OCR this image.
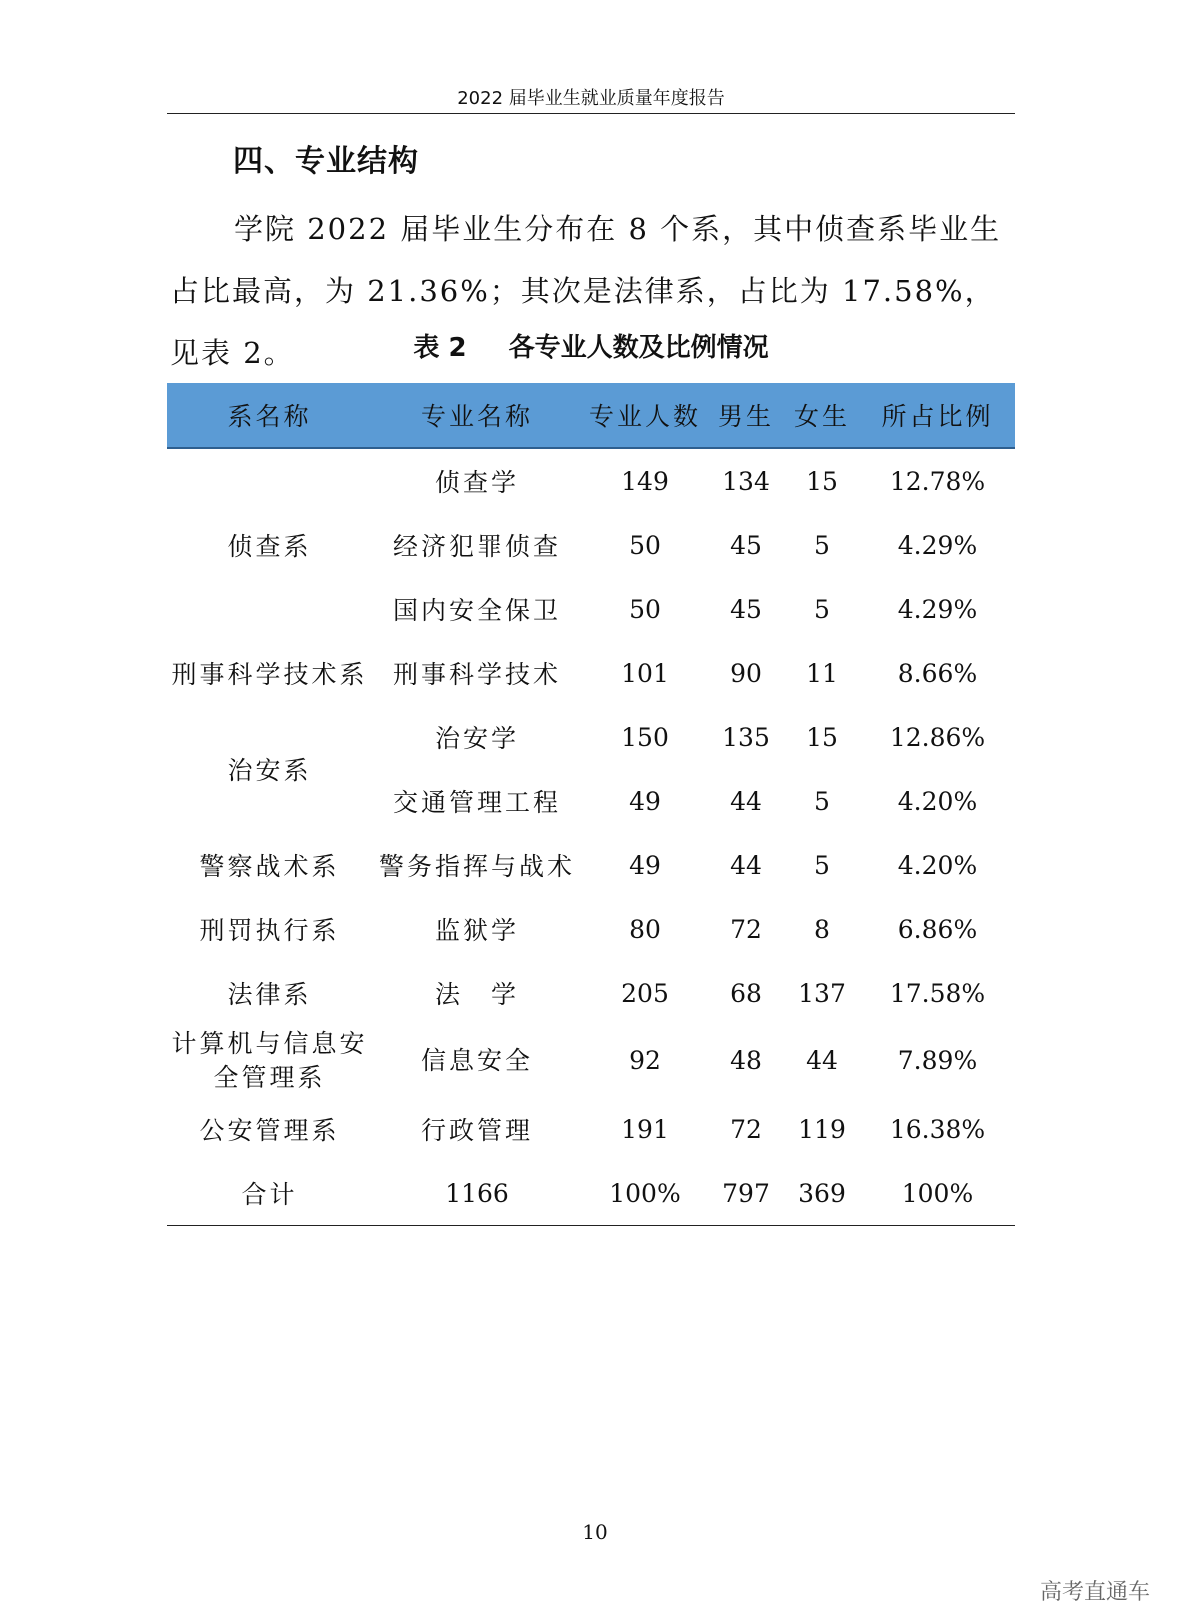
2022 届毕业生就业质量年度报告
四、专业结构
学院 2022 届毕业生分布在 8 个系，其中侦查系毕业生占比最高，为 21.36%；其次是法律系，占比为 17.58%，见表 2。	表 2 各专业人数及比例情况
系名称	专业名称	专业人数	男生	女生	所占比例
侦查系	侦查学	149	134	15	12.78%
	经济犯罪侦查	50	45	5	4.29%
	国内安全保卫	50	45	5	4.29%
刑事科学技术系	刑事科学技术	101	90	11	8.66%
治安系	治安学	150	135	15	12.86%
	交通管理工程	49	44	5	4.20%
警察战术系	警务指挥与战术	49	44	5	4.20%
刑罚执行系	监狱学	80	72	8	6.86%
法律系	法　学	205	68	137	17.58%
计算机与信息安全管理系	信息安全	92	48	44	7.89%
公安管理系	行政管理	191	72	119	16.38%
合计	1166	100%	797	369	100%
10
高考直通车
